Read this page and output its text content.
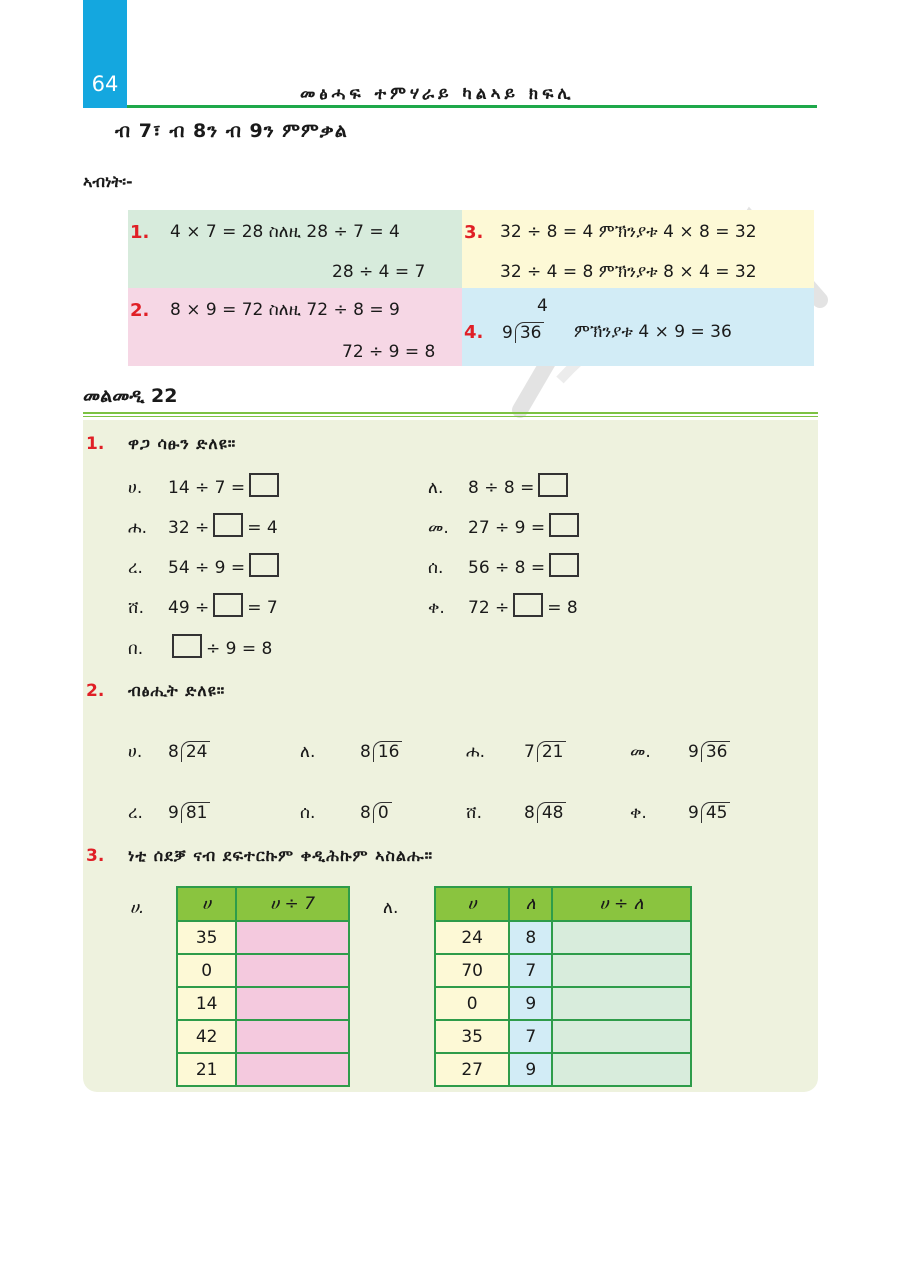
64	መፅሓፍ ተምሃራይ ካልኣይ ክፍሊ
ብ 7፣ ብ 8ን ብ 9ን ምምቃል
ኣብነት፡-
1. 4 × 7 = 28 ስለዚ 28 ÷ 7 = 4
28 ÷ 4 = 7
3. 32 ÷ 8 = 4 ምኽንያቱ 4 × 8 = 32
32 ÷ 4 = 8 ምኽንያቱ 8 × 4 = 32
2. 8 × 9 = 72 ስለዚ 72 ÷ 8 = 9
72 ÷ 9 = 8
4.
4
9 36 ምኽንያቱ 4 × 9 = 36
መልመዲ 22
1. ዋጋ ሳፁን ድለዩ።
ሀ. 14 ÷ 7 =	ለ. 8 ÷ 8 =
ሐ. 32 ÷ = 4	መ. 27 ÷ 9 =
ረ. 54 ÷ 9 =	ሰ. 56 ÷ 8 =
ሸ. 49 ÷ = 7	ቀ. 72 ÷ = 8
በ.	÷ 9 = 8
2. ብፅሒት ድለዩ።
ሀ. 8 24	ለ.	8 16	ሐ. 7 21	መ. 9 36
ረ. 9 81	ሰ.	8 0	ሸ. 8 48	ቀ. 9 45
3. ነቲ ሰደቓ ናብ ደፍተርኩም ቀዲሕኩም ኣስልሑ።
ሀ.	ሀ	ሀ ÷ 7
35	
0	
14	
42	
21	
ለ.	ሀ	ለ	ሀ ÷ ለ
24	8	
70	7	
0	9	
35	7	
27	9	
